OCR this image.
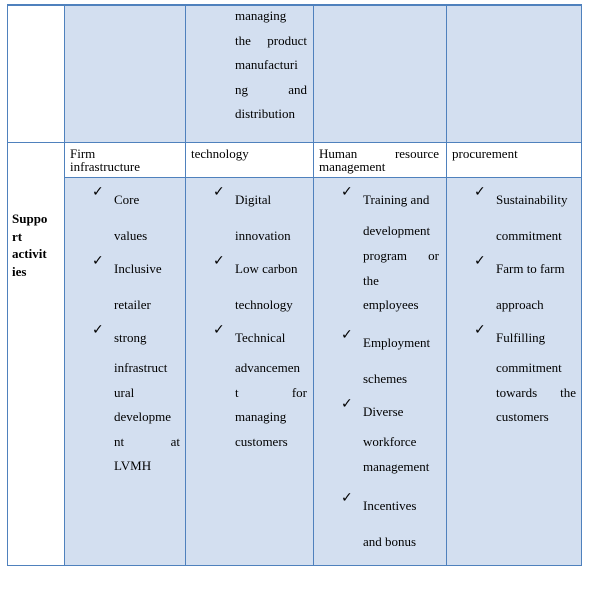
managing
the product
manufacturi
ng and
distribution
Suppo
rt
activit
ies
Firm
infrastructure
technology	Human resource
management
procurement
✓ Core
values
✓ Inclusive
retailer
✓ strong
infrastruct
ural
developme
nt at
LVMH
✓ Digital
innovation
✓ Low carbon
technology
✓ Technical
advancemen
t for
managing
customers
✓ Training and
development
program or
the
employees
✓ Employment
schemes
✓ Diverse
workforce
management
✓ Incentives
and bonus
✓ Sustainability
commitment
✓ Farm to farm
approach
✓ Fulfilling
commitment
towards the
customers
